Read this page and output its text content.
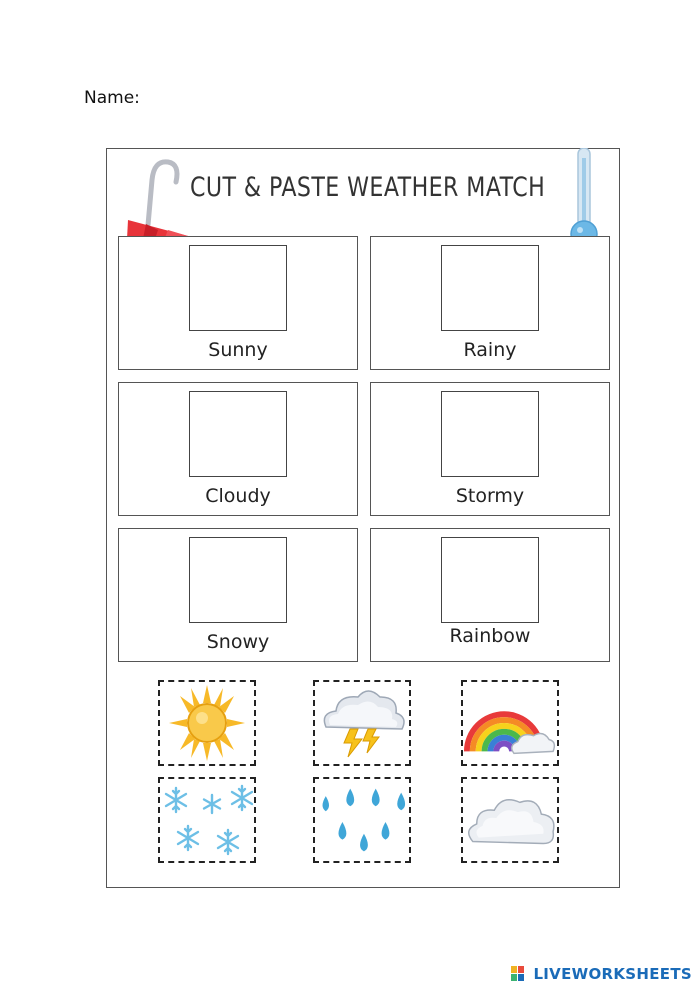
Name:
CUT & PASTE WEATHER MATCH
Sunny	Rainy
Cloudy	Stormy
Snowy	Rainbow
LIVEWORKSHEETS
